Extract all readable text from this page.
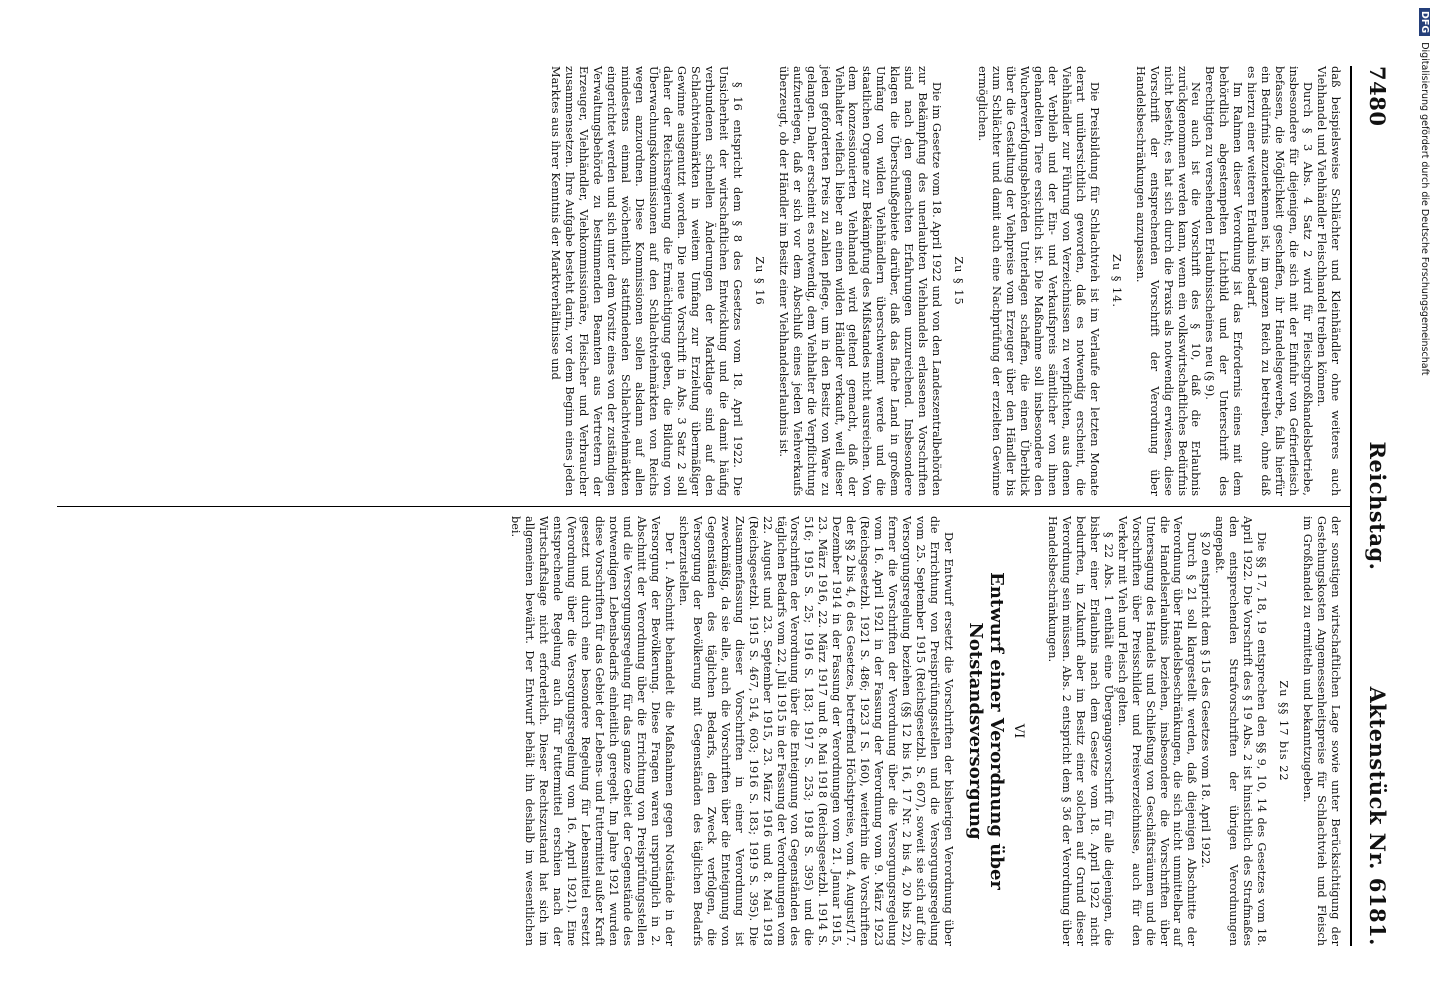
7480
Reichstag.
Aktenstück Nr. 6181.

daß beispielsweise Schlächter und Kleinhändler ohne weiteres auch Viehhandel und Viehhändler Fleischhandel treiben können.

Durch § 3 Abs. 4 Satz 2 wird für Fleischgroßhandelsbetriebe, insbesondere für diejenigen, die sich mit der Einfuhr von Gefrierfleisch befassen, die Möglichkeit geschaffen, ihr Handelsgewerbe, falls hierfür ein Bedürfnis anzuerkennen ist, im ganzen Reich zu betreiben, ohne daß es hierzu einer weiteren Erlaubnis bedarf.

Im Rahmen dieser Verordnung ist das Erfordernis eines mit dem behördlich abgestempelten Lichtbild und der Unterschrift des Berechtigten zu versehenden Erlaubnisscheines neu (§ 9).

Neu auch ist die Vorschrift des § 10, daß die Erlaubnis zurückgenommen werden kann, wenn ein volkswirtschaftliches Bedürfnis nicht besteht; es hat sich durch die Praxis als notwendig erwiesen, diese Vorschrift der entsprechenden Vorschrift der Verordnung über Handelsbeschränkungen anzupassen.

Zu § 14.

Die Preisbildung für Schlachtvieh ist im Verlaufe der letzten Monate derart unübersichtlich geworden, daß es notwendig erscheint, die Viehhändler zur Führung von Verzeichnissen zu verpflichten, aus denen der Verbleib und der Ein- und Verkaufspreis sämtlicher von ihnen gehandelten Tiere ersichtlich ist. Die Maßnahme soll insbesondere den Wucherverfolgungsbehörden Unterlagen schaffen, die einen Überblick über die Gestaltung der Viehpreise vom Erzeuger über den Händler bis zum Schlächter und damit auch eine Nachprüfung der erzielten Gewinne ermöglichen.

Zu § 15

Die im Gesetze vom 18. April 1922 und von den Landeszentralbehörden zur Bekämpfung des unerlaubten Viehhandels erlassenen Vorschriften sind nach den gemachten Erfahrungen unzureichend. Insbesondere klagen die Überschußgebiete darüber, daß das flache Land in großem Umfang von wilden Viehhändlern überschwemmt werde und die staatlichen Organe zur Bekämpfung des Mißstandes nicht ausreichen. Von dem konzessionierten Viehhandel wird geltend gemacht, daß der Viehhalter vielfach lieber an einen wilden Händler verkauft, weil dieser jeden geforderten Preis zu zahlen pflege, um in den Besitz von Ware zu gelangen. Daher erscheint es notwendig, dem Viehhalter die Verpflichtung aufzuerlegen, daß er sich vor dem Abschluß eines jeden Viehverkaufs überzeugt, ob der Händler im Besitz einer Viehhandelserlaubnis ist.

Zu § 16

§ 16 entspricht dem § 8 des Gesetzes vom 18. April 1922. Die Unsicherheit der wirtschaftlichen Entwicklung und die damit häufig verbundenen schnellen Änderungen der Marktlage sind auf den Schlachtviehmärkten in weitem Umfang zur Erzielung übermäßiger Gewinne ausgenutzt worden. Die neue Vorschrift in Abs. 3 Satz 2 soll daher der Reichsregierung die Ermächtigung geben, die Bildung von Überwachungskommissionen auf den Schlachtviehmärkten von Reichs wegen anzuordnen. Diese Kommissionen sollen alsdann auf allen mindestens einmal wöchentlich stattfindenden Schlachtviehmärkten eingerichtet werden und sich unter dem Vorsitz eines von der zuständigen Verwaltungsbehörde zu bestimmenden Beamten aus Vertretern der Erzeuger, Viehhändler, Viehkommissionäre, Fleischer und Verbraucher zusammensetzen. Ihre Aufgabe besteht darin, vor dem Beginn eines jeden Marktes aus ihrer Kenntnis der Marktverhältnisse und

der sonstigen wirtschaftlichen Lage sowie unter Berücksichtigung der Gestehungskosten Angemessenheitspreise für Schlachtvieh und Fleisch im Großhandel zu ermitteln und bekanntzugeben.

Zu §§ 17 bis 22

Die §§ 17, 18, 19 entsprechen den §§ 9, 10, 14 des Gesetzes vom 18. April 1922. Die Vorschrift des § 19 Abs. 2 ist hinsichtlich des Strafmaßes den entsprechenden Strafvorschriften der übrigen Verordnungen angepaßt.

§ 20 entspricht dem § 15 des Gesetzes vom 18. April 1922.

Durch § 21 soll klargestellt werden, daß diejenigen Abschnitte der Verordnung über Handelsbeschränkungen, die sich nicht unmittelbar auf die Handelserlaubnis beziehen, insbesondere die Vorschriften über Untersagung des Handels und Schließung von Geschäftsräumen und die Vorschriften über Preisschilder und Preisverzeichnisse, auch für den Verkehr mit Vieh und Fleisch gelten.

§ 22 Abs. 1 enthält eine Übergangsvorschrift für alle diejenigen, die bisher einer Erlaubnis nach dem Gesetze vom 18. April 1922 nicht bedurften, in Zukunft aber im Besitz einer solchen auf Grund dieser Verordnung sein müssen. Abs. 2 entspricht dem § 36 der Verordnung über Handelsbeschränkungen.

VI
Entwurf einer Verordnung über Notstandsversorgung

Der Entwurf ersetzt die Vorschriften der bisherigen Verordnung über die Errichtung von Preisprüfungsstellen und die Versorgungsregelung vom 25. September 1915 (Reichsgesetzbl. S. 607), soweit sie sich auf die Versorgungsregelung beziehen (§§ 12 bis 16, 17 Nr. 2 bis 4, 20 bis 22), ferner die Vorschriften der Verordnung über die Versorgungsregelung vom 16. April 1921 in der Fassung der Verordnung vom 9. März 1923 (Reichsgesetzbl. 1921 S. 486; 1923 I S. 160), weiterhin die Vorschriften der §§ 2 bis 4, 6 des Gesetzes, betreffend Höchstpreise, vom 4. August/17. Dezember 1914 in der Fassung der Verordnungen vom 21. Januar 1915, 23. März 1916, 22. März 1917 und 8. Mai 1918 (Reichsgesetzbl. 1914 S. 516; 1915 S. 25; 1916 S. 183; 1917 S. 253; 1918 S. 395) und die Vorschriften der Verordnung über die Enteignung von Gegenständen des täglichen Bedarfs vom 22. Juli 1915 in der Fassung der Verordnungen vom 22. August und 23. September 1915, 23. März 1916 und 8. Mai 1918 (Reichsgesetzbl. 1915 S. 467, 514, 603; 1916 S. 183; 1919 S. 395). Die Zusammenfassung dieser Vorschriften in einer Verordnung ist zweckmäßig, da sie alle, auch die Vorschriften über die Enteignung von Gegenständen des täglichen Bedarfs, den Zweck verfolgen, die Versorgung der Bevölkerung mit Gegenständen des täglichen Bedarfs sicherzustellen.

Der 1. Abschnitt behandelt die Maßnahmen gegen Notstände in der Versorgung der Bevölkerung. Diese Fragen waren ursprünglich in 2. Abschnitt der Verordnung über die Errichtung von Preisprüfungsstellen und die Versorgungsregelung für das ganze Gebiet der Gegenstände des notwendigen Lebensbedarfs einheitlich geregelt. Im Jahre 1921 wurden diese Vorschriften für das Gebiet der Lebens- und Futtermittel außer Kraft gesetzt und durch eine besondere Regelung für Lebensmittel ersetzt (Verordnung über die Versorgungsregelung vom 16. April 1921). Eine entsprechende Regelung auch für Futtermittel erschien nach der Wirtschaftslage nicht erforderlich. Dieser Rechtszustand hat sich im allgemeinen bewährt. Der Entwurf behält ihn deshalb im wesentlichen bei.

DFGDigitalisierung gefördert durch die Deutsche Forschungsgemeinschaft
